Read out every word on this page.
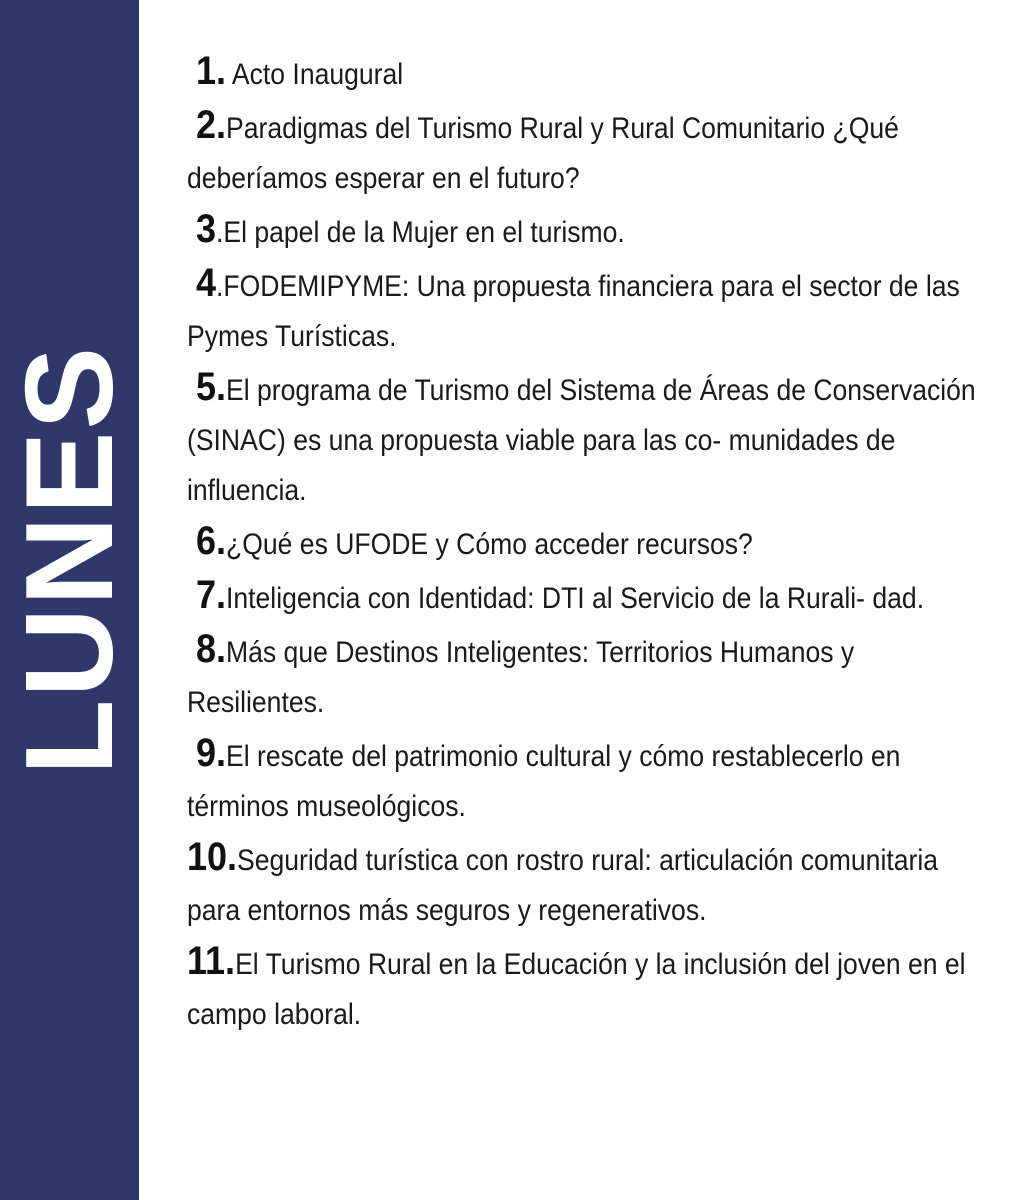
LUNES
1. Acto Inaugural
2.Paradigmas del Turismo Rural y Rural Comunitario ¿Qué deberíamos esperar en el futuro?
3.El papel de la Mujer en el turismo.
4.FODEMIPYME: Una propuesta financiera para el sector de las Pymes Turísticas.
5.El programa de Turismo del Sistema de Áreas de Conservación (SINAC) es una propuesta viable para las co- munidades de influencia.
6.¿Qué es UFODE y Cómo acceder recursos?
7.Inteligencia con Identidad: DTI al Servicio de la Rurali- dad.
8.Más que Destinos Inteligentes: Territorios Humanos y Resilientes.
9.El rescate del patrimonio cultural y cómo restablecerlo en términos museológicos.
10.Seguridad turística con rostro rural: articulación comunitaria para entornos más seguros y regenerativos.
11.El Turismo Rural en la Educación y la inclusión del joven en el campo laboral.
